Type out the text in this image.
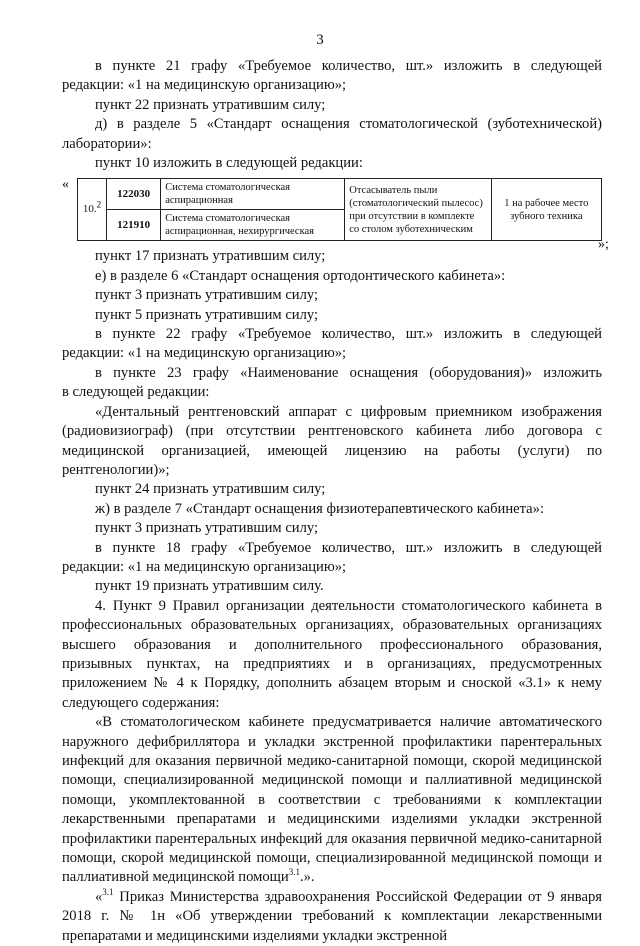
3

в пункте 21 графу «Требуемое количество, шт.» изложить в следующей

редакции: «1 на медицинскую организацию»;

пункт 22 признать утратившим силу;

д) в разделе 5 «Стандарт оснащения стоматологической (зуботехнической)

лаборатории»:

пункт 10 изложить в следующей редакции:

«
10.$^2$	122030	Система стоматологическая аспирационная	Отсасыватель пыли (стоматологический пылесос) при отсутствии в комплекте со столом зуботехническим	1 на рабочее место зубного техника
	121910	Система стоматологическая аспирационная, нехирургическая		
»;

пункт 17 признать утратившим силу;

е) в разделе 6 «Стандарт оснащения ортодонтического кабинета»:

пункт 3 признать утратившим силу;

пункт 5 признать утратившим силу;

в пункте 22 графу «Требуемое количество, шт.» изложить в следующей

редакции: «1 на медицинскую организацию»;

в пункте 23 графу «Наименование оснащения (оборудования)» изложить

в следующей редакции:

«Дентальный рентгеновский аппарат с цифровым приемником изображения (радиовизиограф) (при отсутствии рентгеновского кабинета либо договора с медицинской организацией, имеющей лицензию на работы (услуги) по рентгенологии)»;

пункт 24 признать утратившим силу;

ж) в разделе 7 «Стандарт оснащения физиотерапевтического кабинета»:

пункт 3 признать утратившим силу;

в пункте 18 графу «Требуемое количество, шт.» изложить в следующей

редакции: «1 на медицинскую организацию»;

пункт 19 признать утратившим силу.

4. Пункт 9 Правил организации деятельности стоматологического кабинета в профессиональных образовательных организациях, образовательных организациях высшего образования и дополнительного профессионального образования, призывных пунктах, на предприятиях и в организациях, предусмотренных приложением № 4 к Порядку, дополнить абзацем вторым и сноской «3.1» к нему следующего содержания:

«В стоматологическом кабинете предусматривается наличие автоматического наружного дефибриллятора и укладки экстренной профилактики парентеральных инфекций для оказания первичной медико-санитарной помощи, скорой медицинской помощи, специализированной медицинской помощи и паллиативной медицинской помощи, укомплектованной в соответствии с требованиями к комплектации лекарственными препаратами и медицинскими изделиями укладки экстренной профилактики парентеральных инфекций для оказания первичной медико-санитарной помощи, скорой медицинской помощи, специализированной медицинской помощи и паллиативной медицинской помощи$^{3.1}$.».

«$^{3.1}$ Приказ Министерства здравоохранения Российской Федерации от 9 января 2018 г. № 1н «Об утверждении требований к комплектации лекарственными препаратами и медицинскими изделиями укладки экстренной
